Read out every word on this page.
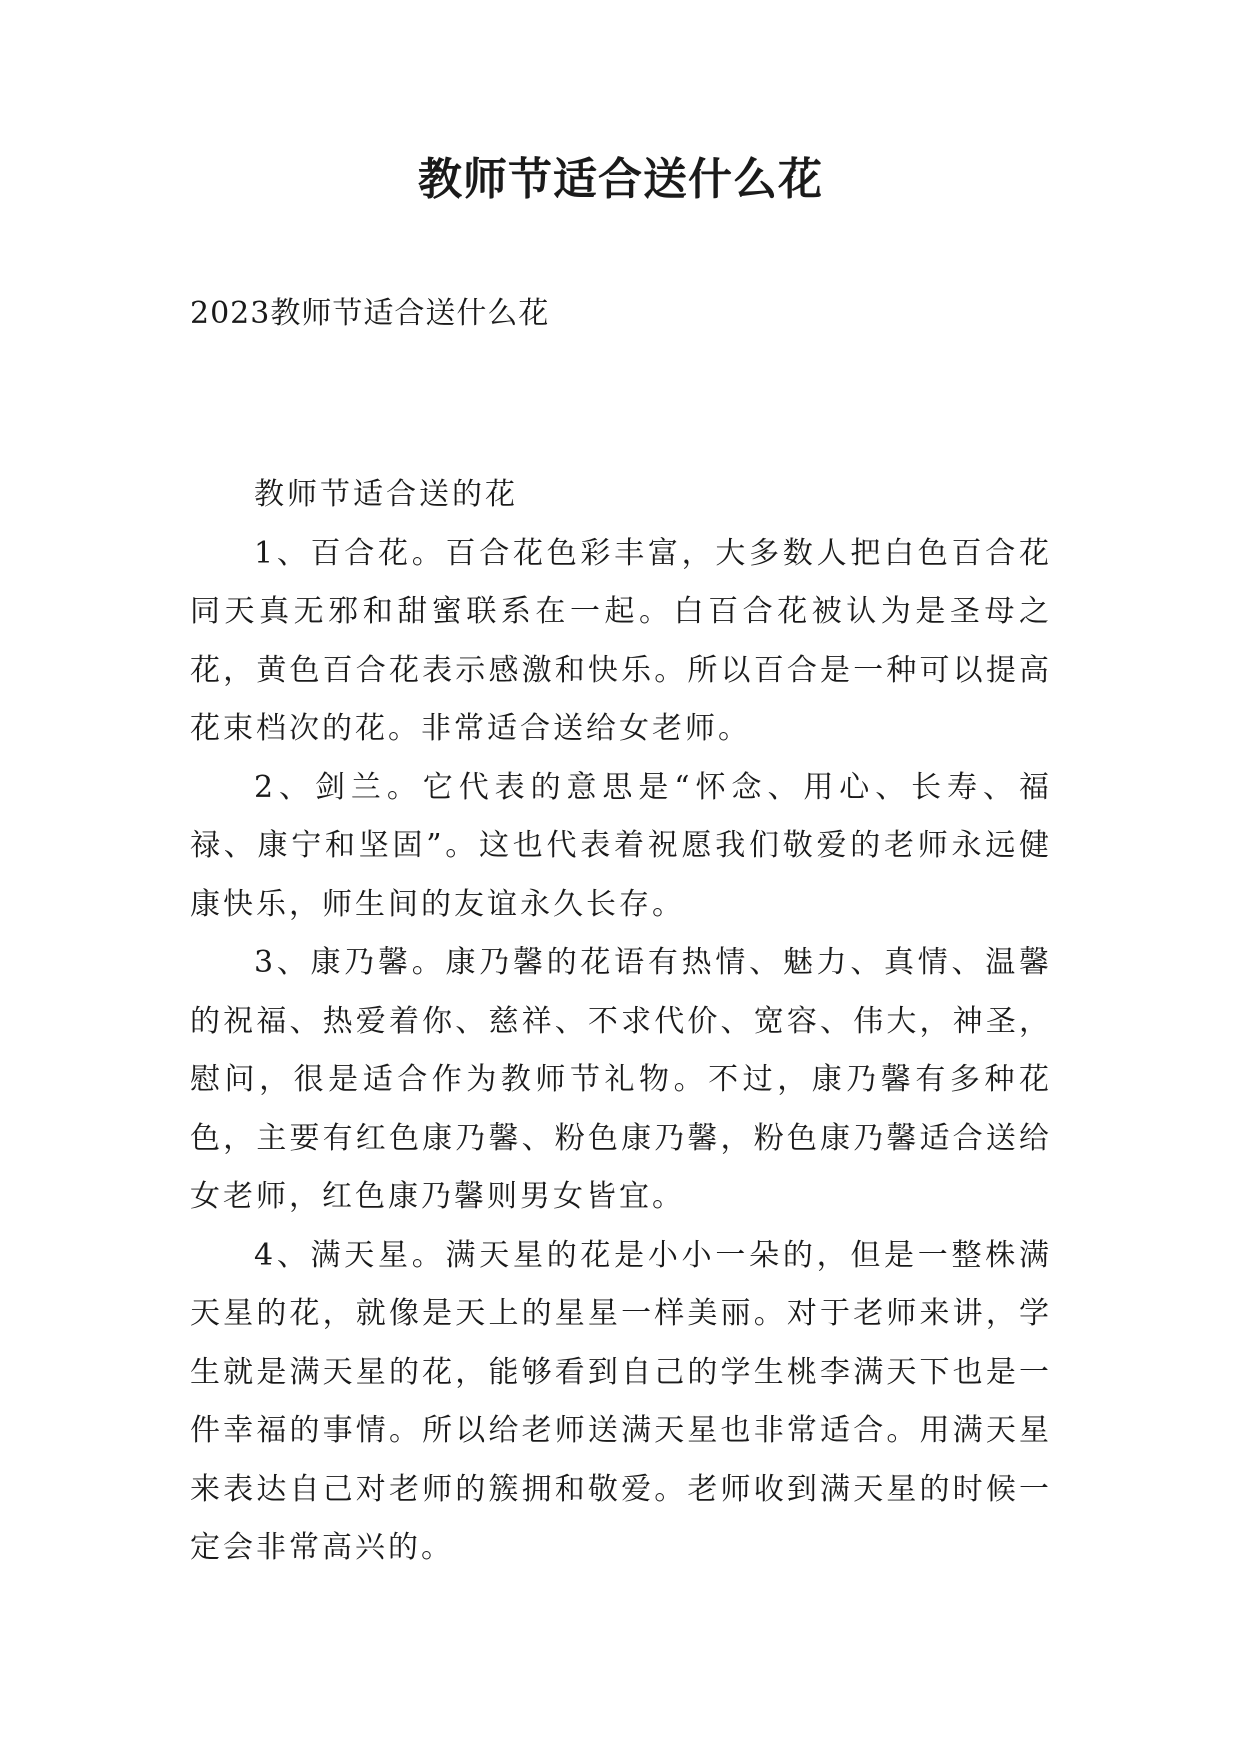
教师节适合送什么花

2023教师节适合送什么花

教师节适合送的花

1、百合花。百合花色彩丰富，大多数人把白色百合花同天真无邪和甜蜜联系在一起。白百合花被认为是圣母之花，黄色百合花表示感激和快乐。所以百合是一种可以提高花束档次的花。非常适合送给女老师。

2、剑兰。它代表的意思是“怀念、用心、长寿、福禄、康宁和坚固”。这也代表着祝愿我们敬爱的老师永远健康快乐，师生间的友谊永久长存。

3、康乃馨。康乃馨的花语有热情、魅力、真情、温馨的祝福、热爱着你、慈祥、不求代价、宽容、伟大，神圣，慰问，很是适合作为教师节礼物。不过，康乃馨有多种花色，主要有红色康乃馨、粉色康乃馨，粉色康乃馨适合送给女老师，红色康乃馨则男女皆宜。

4、满天星。满天星的花是小小一朵的，但是一整株满天星的花，就像是天上的星星一样美丽。对于老师来讲，学生就是满天星的花，能够看到自己的学生桃李满天下也是一件幸福的事情。所以给老师送满天星也非常适合。用满天星来表达自己对老师的簇拥和敬爱。老师收到满天星的时候一定会非常高兴的。
